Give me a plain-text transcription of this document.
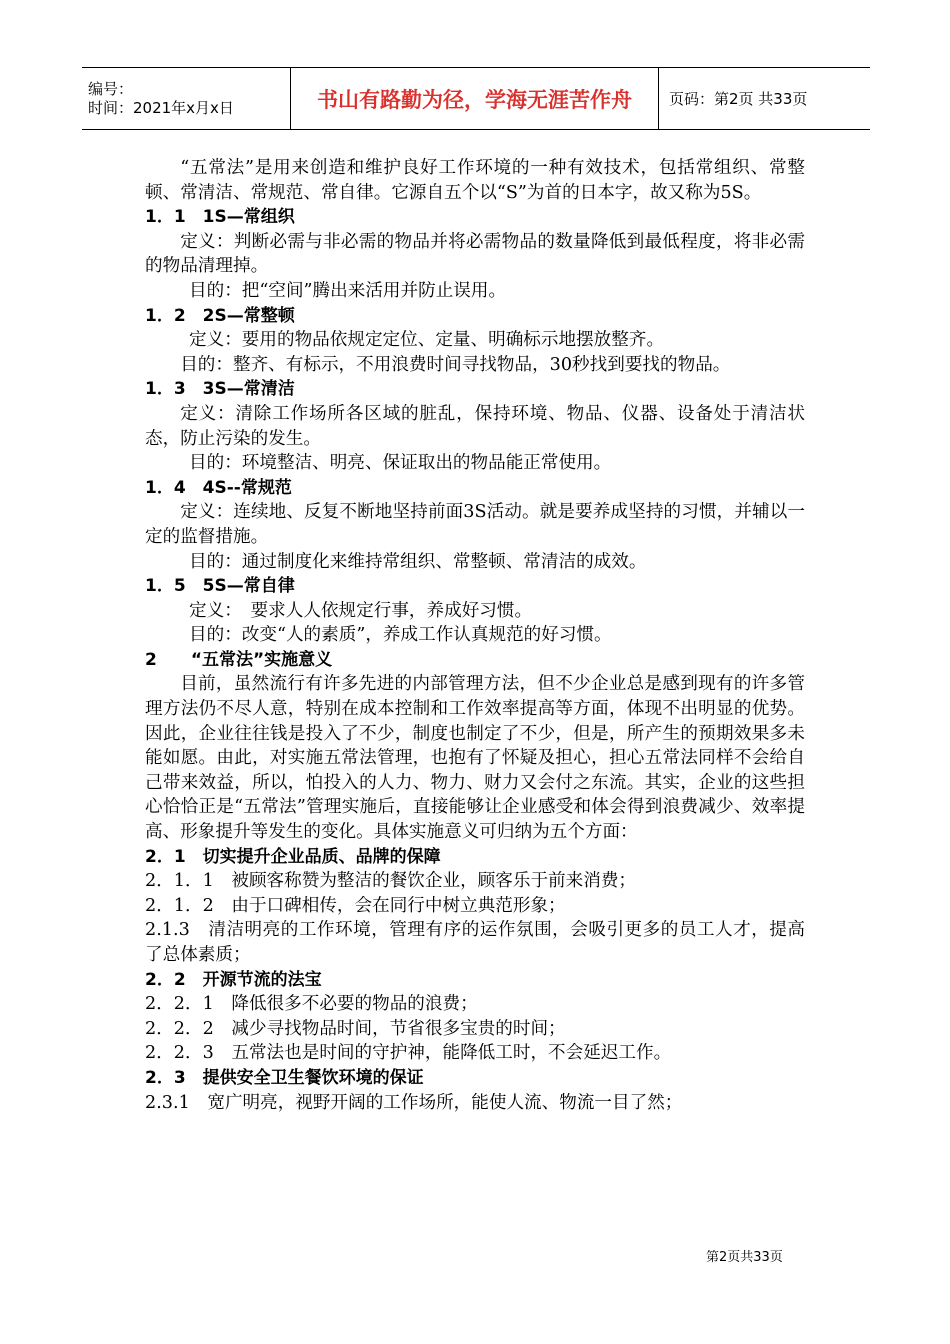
编号：
时间：2021年x月x日	书山有路勤为径，学海无涯苦作舟	页码：第2页 共33页

“五常法”是用来创造和维护良好工作环境的一种有效技术，包括常组织、常整顿、常清洁、常规范、常自律。它源自五个以“S”为首的日本字，故又称为5S。

1．1　1S—常组织

定义：判断必需与非必需的物品并将必需物品的数量降低到最低程度，将非必需的物品清理掉。

目的：把“空间”腾出来活用并防止误用。

1．2　2S—常整顿

定义：要用的物品依规定定位、定量、明确标示地摆放整齐。

目的：整齐、有标示，不用浪费时间寻找物品，30秒找到要找的物品。

1．3　3S—常清洁

定义：清除工作场所各区域的脏乱，保持环境、物品、仪器、设备处于清洁状态，防止污染的发生。

目的：环境整洁、明亮、保证取出的物品能正常使用。

1．4　4S--常规范

定义：连续地、反复不断地坚持前面3S活动。就是要养成坚持的习惯，并辅以一定的监督措施。

目的：通过制度化来维持常组织、常整顿、常清洁的成效。

1．5　5S—常自律

定义：　要求人人依规定行事，养成好习惯。

目的：改变“人的素质”，养成工作认真规范的好习惯。

2　　“五常法”实施意义

目前，虽然流行有许多先进的内部管理方法，但不少企业总是感到现有的许多管理方法仍不尽人意，特别在成本控制和工作效率提高等方面，体现不出明显的优势。因此，企业往往钱是投入了不少，制度也制定了不少，但是，所产生的预期效果多未能如愿。由此，对实施五常法管理，也抱有了怀疑及担心，担心五常法同样不会给自己带来效益，所以，怕投入的人力、物力、财力又会付之东流。其实，企业的这些担心恰恰正是“五常法”管理实施后，直接能够让企业感受和体会得到浪费减少、效率提高、形象提升等发生的变化。具体实施意义可归纳为五个方面：

2．1　切实提升企业品质、品牌的保障

2．1．1　被顾客称赞为整洁的餐饮企业，顾客乐于前来消费；

2．1．2　由于口碑相传，会在同行中树立典范形象；

2.1.3　清洁明亮的工作环境，管理有序的运作氛围，会吸引更多的员工人才，提高了总体素质；

2．2　开源节流的法宝

2．2．1　降低很多不必要的物品的浪费；

2．2．2　减少寻找物品时间，节省很多宝贵的时间；

2．2．3　五常法也是时间的守护神，能降低工时，不会延迟工作。

2．3　提供安全卫生餐饮环境的保证

2.3.1　宽广明亮，视野开阔的工作场所，能使人流、物流一目了然；

第2页共33页
